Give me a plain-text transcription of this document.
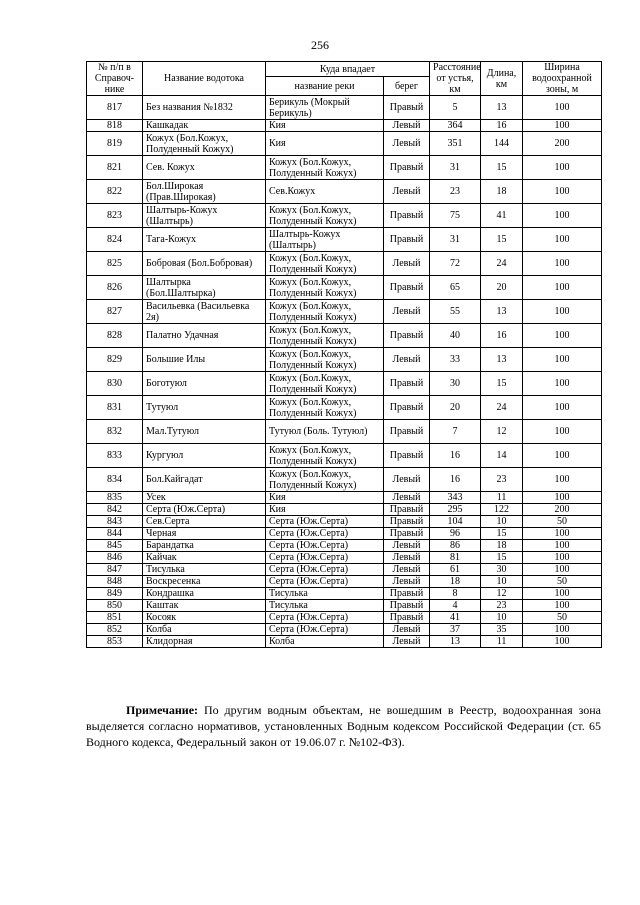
256
№ п/п в Справоч-нике	Название водотока	Куда впадает		Расстояние от устья, км	Длина, км	Ширина водоохранной зоны, м
		название реки	берег			
817	Без названия №1832	Берикуль (Мокрый Берикуль)	Правый	5	13	100
818	Кашкадак	Кия	Левый	364	16	100
819	Кожух (Бол.Кожух, Полуденный Кожух)	Кия	Левый	351	144	200
821	Сев. Кожух	Кожух (Бол.Кожух, Полуденный Кожух)	Правый	31	15	100
822	Бол.Широкая (Прав.Широкая)	Сев.Кожух	Левый	23	18	100
823	Шалтырь-Кожух (Шалтырь)	Кожух (Бол.Кожух, Полуденный Кожух)	Правый	75	41	100
824	Тага-Кожух	Шалтырь-Кожух (Шалтырь)	Правый	31	15	100
825	Бобровая (Бол.Бобровая)	Кожух (Бол.Кожух, Полуденный Кожух)	Левый	72	24	100
826	Шалтырка (Бол.Шалтырка)	Кожух (Бол.Кожух, Полуденный Кожух)	Правый	65	20	100
827	Васильевка (Васильевка 2я)	Кожух (Бол.Кожух, Полуденный Кожух)	Левый	55	13	100
828	Палатно Удачная	Кожух (Бол.Кожух, Полуденный Кожух)	Правый	40	16	100
829	Большие Илы	Кожух (Бол.Кожух, Полуденный Кожух)	Левый	33	13	100
830	Боготуюл	Кожух (Бол.Кожух, Полуденный Кожух)	Правый	30	15	100
831	Тутуюл	Кожух (Бол.Кожух, Полуденный Кожух)	Правый	20	24	100
832	Мал.Тутуюл	Тутуюл (Боль. Тутуюл)	Правый	7	12	100
833	Кургуюл	Кожух (Бол.Кожух, Полуденный Кожух)	Правый	16	14	100
834	Бол.Кайгадат	Кожух (Бол.Кожух, Полуденный Кожух)	Левый	16	23	100
835	Усек	Кия	Левый	343	11	100
842	Серта (Юж.Серта)	Кия	Правый	295	122	200
843	Сев.Серта	Серта (Юж.Серта)	Правый	104	10	50
844	Черная	Серта (Юж.Серта)	Правый	96	15	100
845	Барандатка	Серта (Юж.Серта)	Левый	86	18	100
846	Кайчак	Серта (Юж.Серта)	Левый	81	15	100
847	Тисулька	Серта (Юж.Серта)	Левый	61	30	100
848	Воскресенка	Серта (Юж.Серта)	Левый	18	10	50
849	Кондрашка	Тисулька	Правый	8	12	100
850	Каштак	Тисулька	Правый	4	23	100
851	Косояк	Серта (Юж.Серта)	Правый	41	10	50
852	Колба	Серта (Юж.Серта)	Левый	37	35	100
853	Клидорная	Колба	Левый	13	11	100
Примечание: По другим водным объектам, не вошедшим в Реестр, водоохранная зона выделяется согласно нормативов, установленных Водным кодексом Российской Федерации (ст. 65 Водного кодекса, Федеральный закон от 19.06.07 г. №102-ФЗ).
